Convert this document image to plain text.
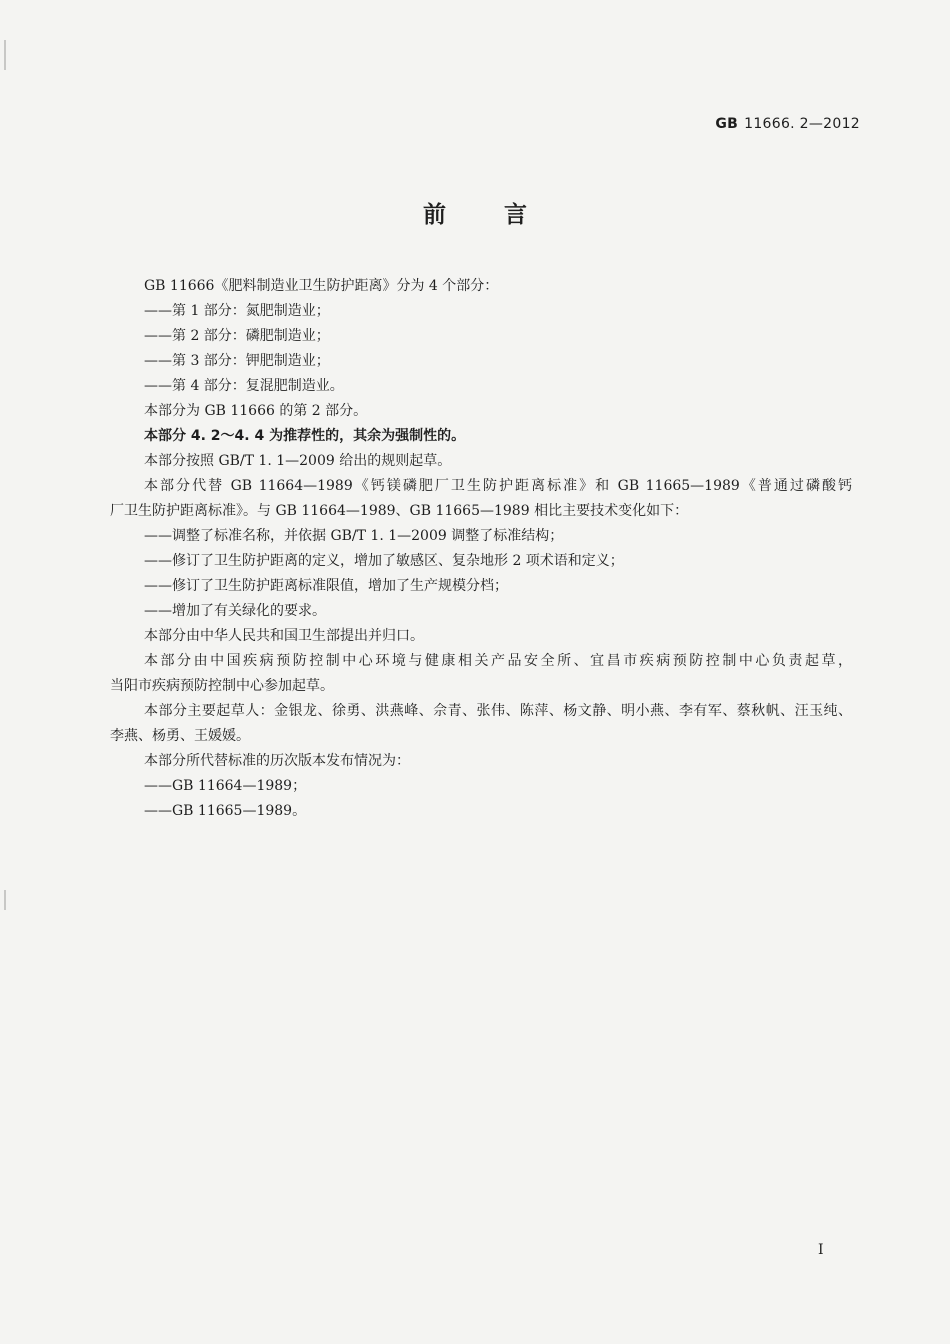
GB 11666. 2—2012
前言

GB 11666《肥料制造业卫生防护距离》分为 4 个部分：

——第 1 部分：氮肥制造业；

——第 2 部分：磷肥制造业；

——第 3 部分：钾肥制造业；

——第 4 部分：复混肥制造业。

本部分为 GB 11666 的第 2 部分。

本部分 4. 2～4. 4 为推荐性的，其余为强制性的。

本部分按照 GB/T 1. 1—2009 给出的规则起草。

本部分代替 GB 11664—1989《钙镁磷肥厂卫生防护距离标准》和 GB 11665—1989《普通过磷酸钙

厂卫生防护距离标准》。与 GB 11664—1989、GB 11665—1989 相比主要技术变化如下：

——调整了标准名称，并依据 GB/T 1. 1—2009 调整了标准结构；

——修订了卫生防护距离的定义，增加了敏感区、复杂地形 2 项术语和定义；

——修订了卫生防护距离标准限值，增加了生产规模分档；

——增加了有关绿化的要求。

本部分由中华人民共和国卫生部提出并归口。

本部分由中国疾病预防控制中心环境与健康相关产品安全所、宜昌市疾病预防控制中心负责起草，

当阳市疾病预防控制中心参加起草。

本部分主要起草人：金银龙、徐勇、洪燕峰、佘青、张伟、陈萍、杨文静、明小燕、李有军、蔡秋帆、汪玉纯、

李燕、杨勇、王媛媛。

本部分所代替标准的历次版本发布情况为：

——GB 11664—1989；

——GB 11665—1989。

I
